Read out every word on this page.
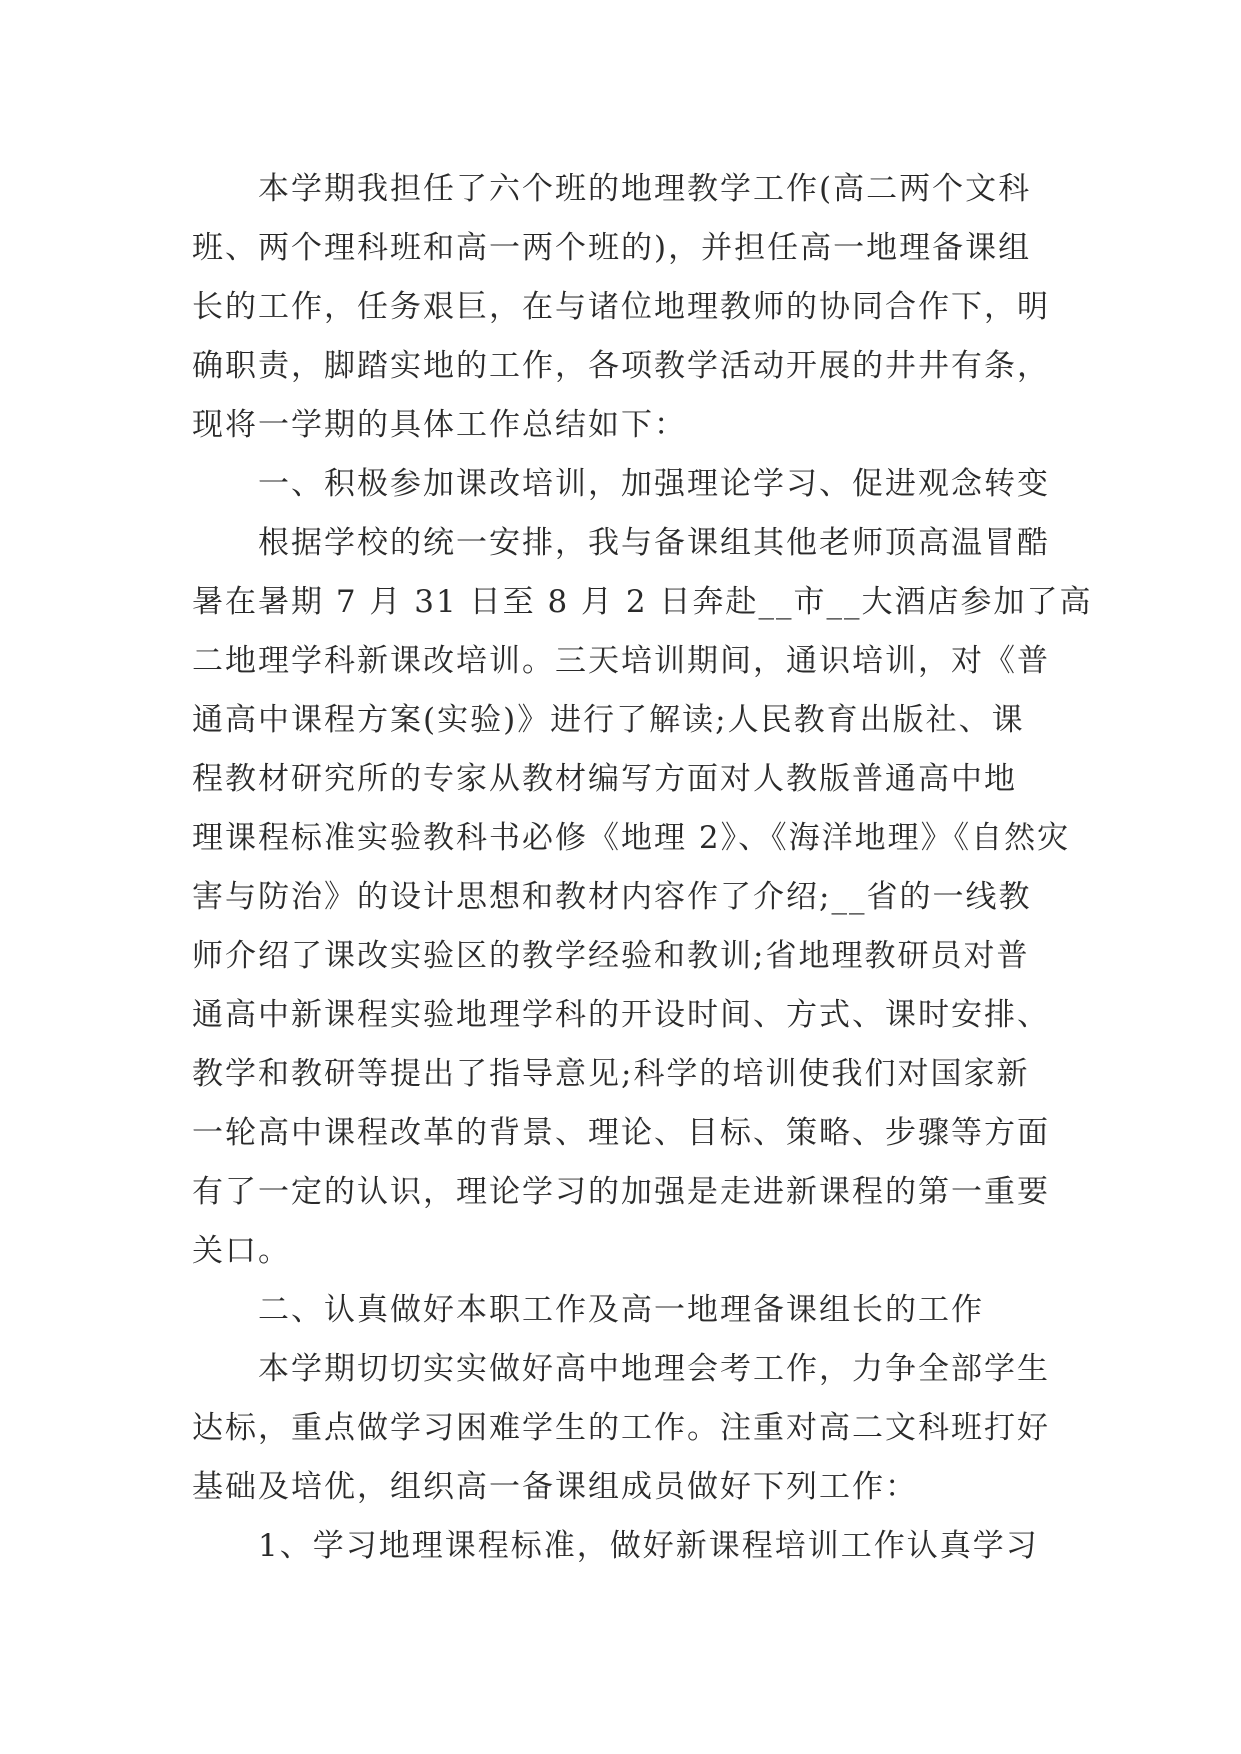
本学期我担任了六个班的地理教学工作(高二两个文科
班、两个理科班和高一两个班的)，并担任高一地理备课组
长的工作，任务艰巨，在与诸位地理教师的协同合作下，明
确职责，脚踏实地的工作，各项教学活动开展的井井有条，
现将一学期的具体工作总结如下：
一、积极参加课改培训，加强理论学习、促进观念转变
根据学校的统一安排，我与备课组其他老师顶高温冒酷
暑在暑期 7 月 31 日至 8 月 2 日奔赴__市__大酒店参加了高
二地理学科新课改培训。三天培训期间，通识培训，对《普
通高中课程方案(实验)》进行了解读;人民教育出版社、课
程教材研究所的专家从教材编写方面对人教版普通高中地
理课程标准实验教科书必修《地理 2》、《海洋地理》《自然灾
害与防治》的设计思想和教材内容作了介绍;__省的一线教
师介绍了课改实验区的教学经验和教训;省地理教研员对普
通高中新课程实验地理学科的开设时间、方式、课时安排、
教学和教研等提出了指导意见;科学的培训使我们对国家新
一轮高中课程改革的背景、理论、目标、策略、步骤等方面
有了一定的认识，理论学习的加强是走进新课程的第一重要
关口。
二、认真做好本职工作及高一地理备课组长的工作
本学期切切实实做好高中地理会考工作，力争全部学生
达标，重点做学习困难学生的工作。注重对高二文科班打好
基础及培优，组织高一备课组成员做好下列工作：
1、学习地理课程标准，做好新课程培训工作认真学习
